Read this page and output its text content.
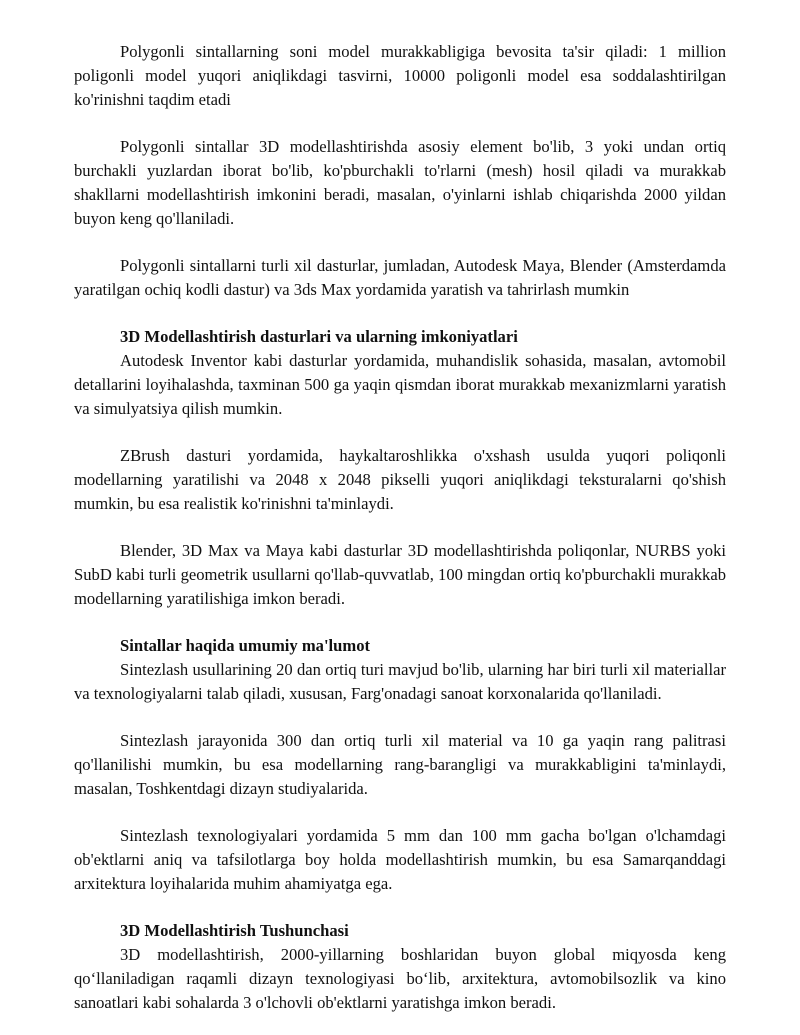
Polygonli sintallarning soni model murakkabligiga bevosita ta'sir qiladi: 1 million poligonli model yuqori aniqlikdagi tasvirni, 10000 poligonli model esa soddalashtirilgan ko'rinishni taqdim etadi

Polygonli sintallar 3D modellashtirishda asosiy element bo'lib, 3 yoki undan ortiq burchakli yuzlardan iborat bo'lib, ko'pburchakli to'rlarni (mesh) hosil qiladi va murakkab shakllarni modellashtirish imkonini beradi, masalan, o'yinlarni ishlab chiqarishda 2000 yildan buyon keng qo'llaniladi.

Polygonli sintallarni turli xil dasturlar, jumladan, Autodesk Maya, Blender (Amsterdamda yaratilgan ochiq kodli dastur) va 3ds Max yordamida yaratish va tahrirlash mumkin

3D Modellashtirish dasturlari va ularning imkoniyatlari

Autodesk Inventor kabi dasturlar yordamida, muhandislik sohasida, masalan, avtomobil detallarini loyihalashda, taxminan 500 ga yaqin qismdan iborat murakkab mexanizmlarni yaratish va simulyatsiya qilish mumkin.

ZBrush dasturi yordamida, haykaltaroshlikka o'xshash usulda yuqori poliqonli modellarning yaratilishi va 2048 x 2048 pikselli yuqori aniqlikdagi teksturalarni qo'shish mumkin, bu esa realistik ko'rinishni ta'minlaydi.

Blender, 3D Max va Maya kabi dasturlar 3D modellashtirishda poliqonlar, NURBS yoki SubD kabi turli geometrik usullarni qo'llab-quvvatlab, 100 mingdan ortiq ko'pburchakli murakkab modellarning yaratilishiga imkon beradi.

Sintallar haqida umumiy ma'lumot

Sintezlash usullarining 20 dan ortiq turi mavjud bo'lib, ularning har biri turli xil materiallar va texnologiyalarni talab qiladi, xususan, Farg'onadagi sanoat korxonalarida qo'llaniladi.

Sintezlash jarayonida 300 dan ortiq turli xil material va 10 ga yaqin rang palitrasi qo'llanilishi mumkin, bu esa modellarning rang-barangligi va murakkabligini ta'minlaydi, masalan, Toshkentdagi dizayn studiyalarida.

Sintezlash texnologiyalari yordamida 5 mm dan 100 mm gacha bo'lgan o'lchamdagi ob'ektlarni aniq va tafsilotlarga boy holda modellashtirish mumkin, bu esa Samarqanddagi arxitektura loyihalarida muhim ahamiyatga ega.

3D Modellashtirish Tushunchasi

3D modellashtirish, 2000-yillarning boshlaridan buyon global miqyosda keng qo‘llaniladigan raqamli dizayn texnologiyasi bo‘lib, arxitektura, avtomobilsozlik va kino sanoatlari kabi sohalarda 3 o'lchovli ob'ektlarni yaratishga imkon beradi.
